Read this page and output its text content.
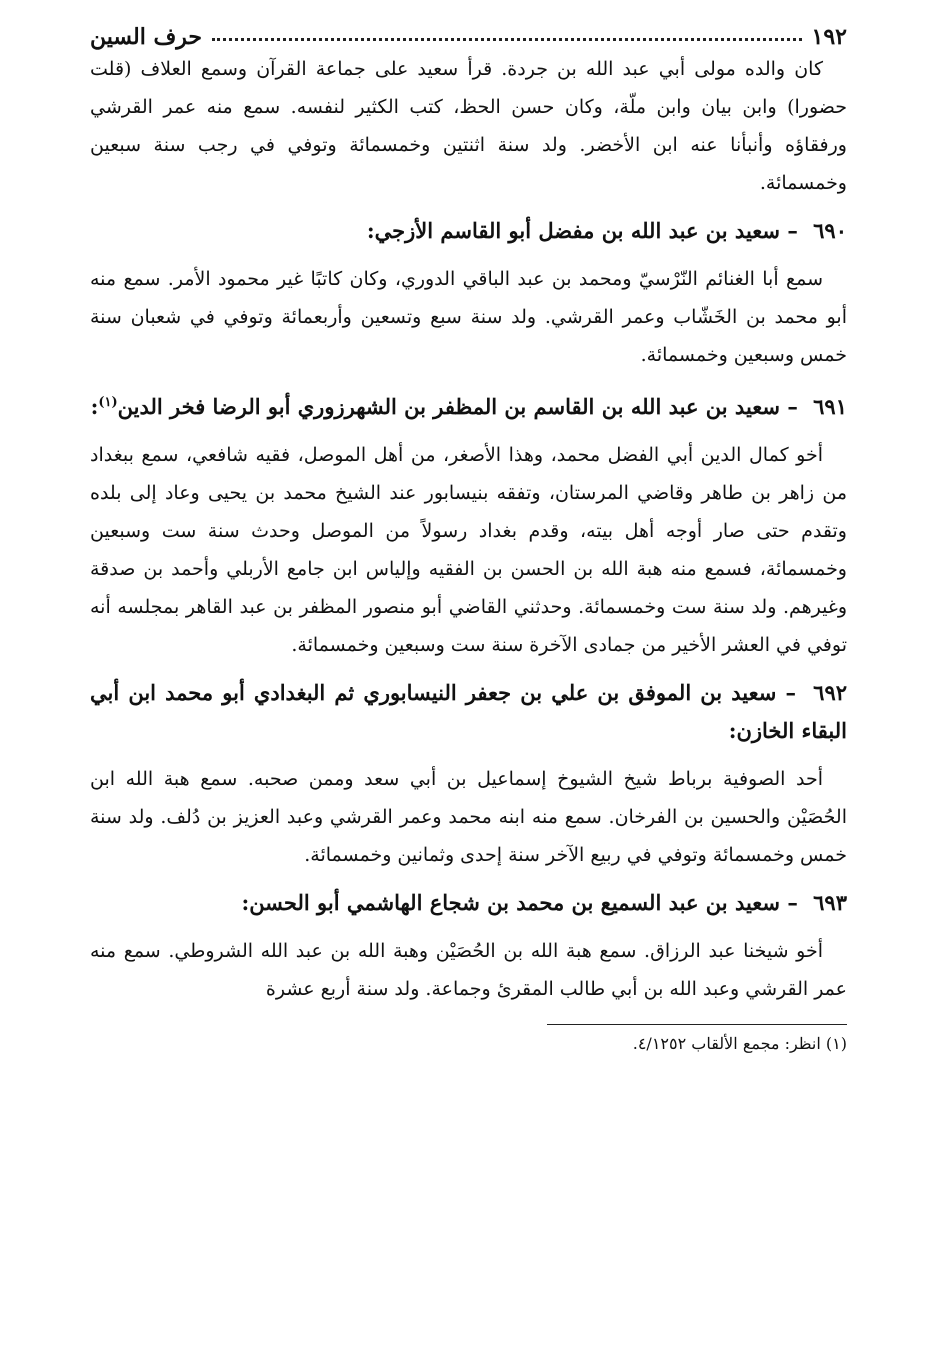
١٩٢
حرف السين

كان والده مولى أبي عبد الله بن جردة. قرأ سعيد على جماعة القرآن وسمع العلاف (قلت حضورا) وابن بيان وابن ملّة، وكان حسن الحظ، كتب الكثير لنفسه. سمع منه عمر القرشي ورفقاؤه وأنبأنا عنه ابن الأخضر. ولد سنة اثنتين وخمسمائة وتوفي في رجب سنة سبعين وخمسمائة.

٦٩٠ – سعيد بن عبد الله بن مفضل أبو القاسم الأزجي:

سمع أبا الغنائم النّرْسيّ ومحمد بن عبد الباقي الدوري، وكان كاتبًا غير محمود الأمر. سمع منه أبو محمد بن الخَشّاب وعمر القرشي. ولد سنة سبع وتسعين وأربعمائة وتوفي في شعبان سنة خمس وسبعين وخمسمائة.

٦٩١ – سعيد بن عبد الله بن القاسم بن المظفر بن الشهرزوري أبو الرضا فخر الدين$^{(١)}$:

أخو كمال الدين أبي الفضل محمد، وهذا الأصغر، من أهل الموصل، فقيه شافعي، سمع ببغداد من زاهر بن طاهر وقاضي المرستان، وتفقه بنيسابور عند الشيخ محمد بن يحيى وعاد إلى بلده وتقدم حتى صار أوجه أهل بيته، وقدم بغداد رسولاً من الموصل وحدث سنة ست وسبعين وخمسمائة، فسمع منه هبة الله بن الحسن بن الفقيه وإلياس ابن جامع الأربلي وأحمد بن صدقة وغيرهم. ولد سنة ست وخمسمائة. وحدثني القاضي أبو منصور المظفر بن عبد القاهر بمجلسه أنه توفي في العشر الأخير من جمادى الآخرة سنة ست وسبعين وخمسمائة.

٦٩٢ – سعيد بن الموفق بن علي بن جعفر النيسابوري ثم البغدادي أبو محمد ابن أبي البقاء الخازن:

أحد الصوفية برباط شيخ الشيوخ إسماعيل بن أبي سعد وممن صحبه. سمع هبة الله ابن الحُصَيْن والحسين بن الفرخان. سمع منه ابنه محمد وعمر القرشي وعبد العزيز بن دُلف. ولد سنة خمس وخمسمائة وتوفي في ربيع الآخر سنة إحدى وثمانين وخمسمائة.

٦٩٣ – سعيد بن عبد السميع بن محمد بن شجاع الهاشمي أبو الحسن:

أخو شيخنا عبد الرزاق. سمع هبة الله بن الحُصَيْن وهبة الله بن عبد الله الشروطي. سمع منه عمر القرشي وعبد الله بن أبي طالب المقرئ وجماعة. ولد سنة أربع عشرة

(١) انظر: مجمع الألقاب ٤/١٢٥٢.
